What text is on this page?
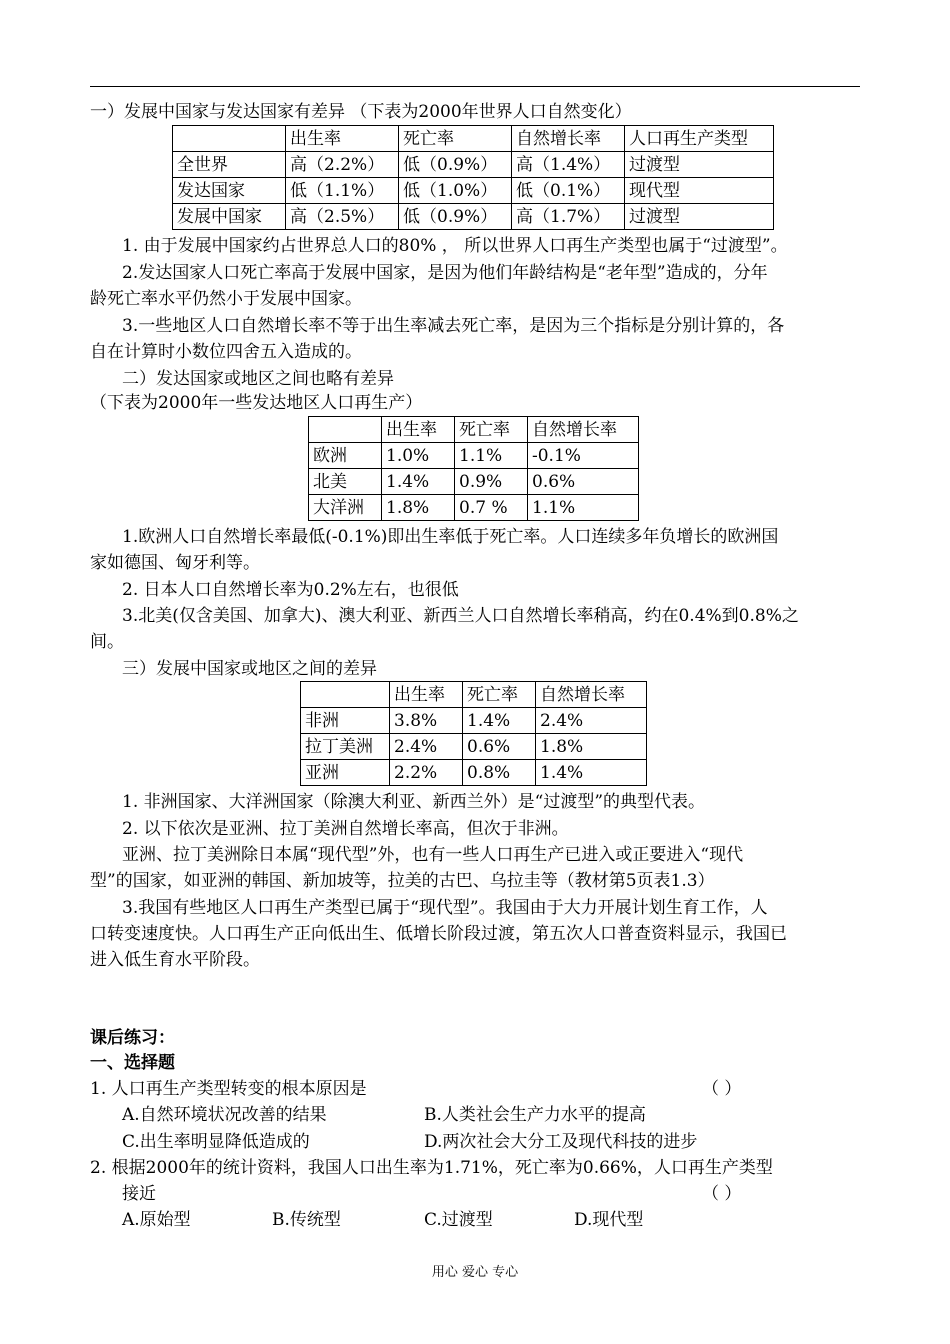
一）发展中国家与发达国家有差异 （下表为2000年世界人口自然变化）
	出生率	死亡率	自然增长率	人口再生产类型
全世界	高（2.2%）	低（0.9%）	高（1.4%）	过渡型
发达国家	低（1.1%）	低（1.0%）	低（0.1%）	现代型
发展中国家	高（2.5%）	低（0.9%）	高（1.7%）	过渡型
1. 由于发展中国家约占世界总人口的80% ， 所以世界人口再生产类型也属于“过渡型”。
2.发达国家人口死亡率高于发展中国家，是因为他们年龄结构是“老年型”造成的，分年
龄死亡率水平仍然小于发展中国家。
3.一些地区人口自然增长率不等于出生率减去死亡率，是因为三个指标是分别计算的，各
自在计算时小数位四舍五入造成的。
二）发达国家或地区之间也略有差异
（下表为2000年一些发达地区人口再生产）
	出生率	死亡率	自然增长率
欧洲	1.0%	1.1%	-0.1%
北美	1.4%	0.9%	0.6%
大洋洲	1.8%	0.7 %	1.1%
1.欧洲人口自然增长率最低(-0.1%)即出生率低于死亡率。人口连续多年负增长的欧洲国
家如德国、匈牙利等。
2. 日本人口自然增长率为0.2%左右，也很低
3.北美(仅含美国、加拿大)、澳大利亚、新西兰人口自然增长率稍高，约在0.4%到0.8%之
间。
三）发展中国家或地区之间的差异
	出生率	死亡率	自然增长率
非洲	3.8%	1.4%	2.4%
拉丁美洲	2.4%	0.6%	1.8%
亚洲	2.2%	0.8%	1.4%
1. 非洲国家、大洋洲国家（除澳大利亚、新西兰外）是“过渡型”的典型代表。
2. 以下依次是亚洲、拉丁美洲自然增长率高，但次于非洲。
亚洲、拉丁美洲除日本属“现代型”外，也有一些人口再生产已进入或正要进入“现代
型”的国家，如亚洲的韩国、新加坡等，拉美的古巴、乌拉圭等（教材第5页表1.3）
3.我国有些地区人口再生产类型已属于“现代型”。我国由于大力开展计划生育工作，人
口转变速度快。人口再生产正向低出生、低增长阶段过渡，第五次人口普查资料显示，我国已
进入低生育水平阶段。
课后练习：
一、选择题
1. 人口再生产类型转变的根本原因是	（ ）
A.自然环境状况改善的结果	B.人类社会生产力水平的提高
C.出生率明显降低造成的	D.两次社会大分工及现代科技的进步
2. 根据2000年的统计资料，我国人口出生率为1.71%，死亡率为0.66%，人口再生产类型
接近	（ ）
A.原始型	B.传统型	C.过渡型	D.现代型
用心 爱心 专心
